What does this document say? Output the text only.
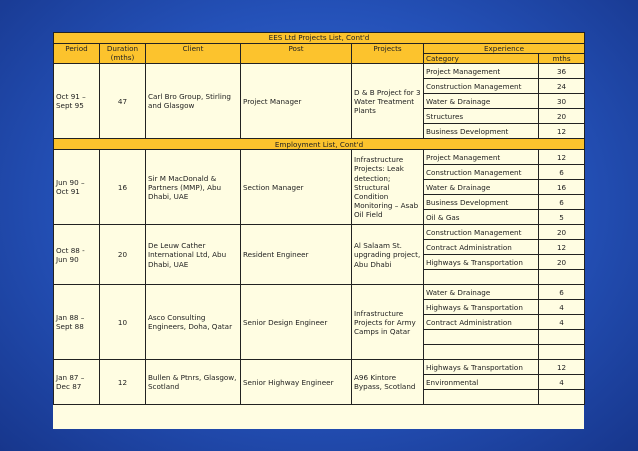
EES Ltd Projects List, Cont'd						
Period	Duration (mths)	Client	Post	Projects	Experience	
					Category	mths
Oct 91 – Sept 95	47	Carl Bro Group, Stirling and Glasgow	Project Manager	D & B Project for 3 Water Treatment Plants	Project Management	36
					Construction Management	24
					Water & Drainage	30
					Structures	20
					Business Development	12
Employment List, Cont'd						
Jun 90 – Oct 91	16	Sir M MacDonald & Partners (MMP), Abu Dhabi, UAE	Section Manager	Infrastructure Projects: Leak detection; Structural Condition Monitoring – Asab Oil Field	Project Management	12
					Construction Management	6
					Water & Drainage	16
					Business Development	6
					Oil & Gas	5
Oct 88 - Jun 90	20	De Leuw Cather International Ltd, Abu Dhabi, UAE	Resident Engineer	Al Salaam St. upgrading project, Abu Dhabi	Construction Management	20
					Contract Administration	12
					Highways & Transportation	20

Jan 88 – Sept 88	10	Asco Consulting Engineers, Doha, Qatar	Senior Design Engineer	Infrastructure Projects for Army Camps in Qatar	Water & Drainage	6
					Highways & Transportation	4
					Contract Administration	4

Jan 87 – Dec 87	12	Bullen & Ptnrs, Glasgow, Scotland	Senior Highway Engineer	A96 Kintore Bypass, Scotland	Highways & Transportation	12
					Environmental	4
